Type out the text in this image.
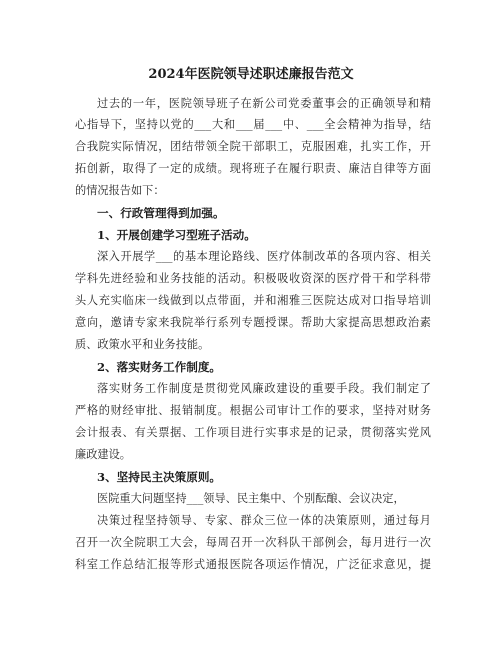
2024年医院领导述职述廉报告范文
过去的一年，医院领导班子在新公司党委董事会的正确领导和精
心指导下，坚持以党的___大和___届___中、___全会精神为指导，结
合我院实际情况，团结带领全院干部职工，克服困难，扎实工作，开
拓创新，取得了一定的成绩。现将班子在履行职责、廉洁自律等方面
的情况报告如下：
一、行政管理得到加强。
1、开展创建学习型班子活动。
深入开展学___的基本理论路线、医疗体制改革的各项内容、相关
学科先进经验和业务技能的活动。积极吸收资深的医疗骨干和学科带
头人充实临床一线做到以点带面，并和湘雅三医院达成对口指导培训
意向，邀请专家来我院举行系列专题授课。帮助大家提高思想政治素
质、政策水平和业务技能。
2、落实财务工作制度。
落实财务工作制度是贯彻党风廉政建设的重要手段。我们制定了
严格的财经审批、报销制度。根据公司审计工作的要求，坚持对财务
会计报表、有关票据、工作项目进行实事求是的记录，贯彻落实党风
廉政建设。
3、坚持民主决策原则。
医院重大问题坚持___领导、民主集中、个别酝酿、会议决定，
决策过程坚持领导、专家、群众三位一体的决策原则，通过每月
召开一次全院职工大会，每周召开一次科队干部例会，每月进行一次
科室工作总结汇报等形式通报医院各项运作情况，广泛征求意见，提
